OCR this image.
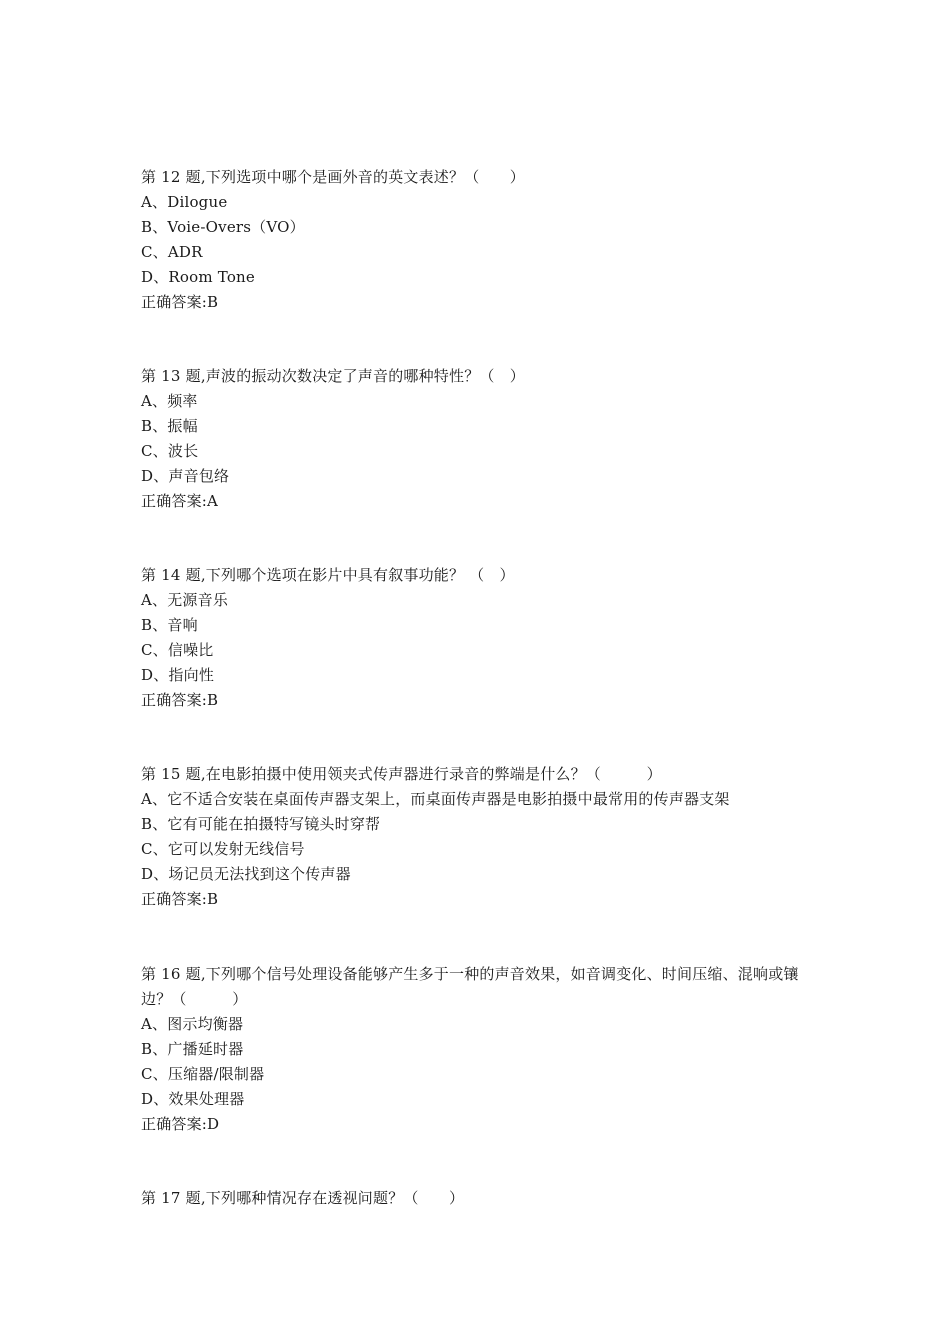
第 12 题,下列选项中哪个是画外音的英文表述？（　　）
A、Dilogue
B、Voie-Overs（VO）
C、ADR
D、Room Tone
正确答案:B
第 13 题,声波的振动次数决定了声音的哪种特性？（　）
A、频率
B、振幅
C、波长
D、声音包络
正确答案:A
第 14 题,下列哪个选项在影片中具有叙事功能？ （　）
A、无源音乐
B、音响
C、信噪比
D、指向性
正确答案:B
第 15 题,在电影拍摄中使用领夹式传声器进行录音的弊端是什么？（　　　）
A、它不适合安装在桌面传声器支架上，而桌面传声器是电影拍摄中最常用的传声器支架
B、它有可能在拍摄特写镜头时穿帮
C、它可以发射无线信号
D、场记员无法找到这个传声器
正确答案:B
第 16 题,下列哪个信号处理设备能够产生多于一种的声音效果，如音调变化、时间压缩、混响或镶边？（　　　）
A、图示均衡器
B、广播延时器
C、压缩器/限制器
D、效果处理器
正确答案:D
第 17 题,下列哪种情况存在透视问题？（　　）
